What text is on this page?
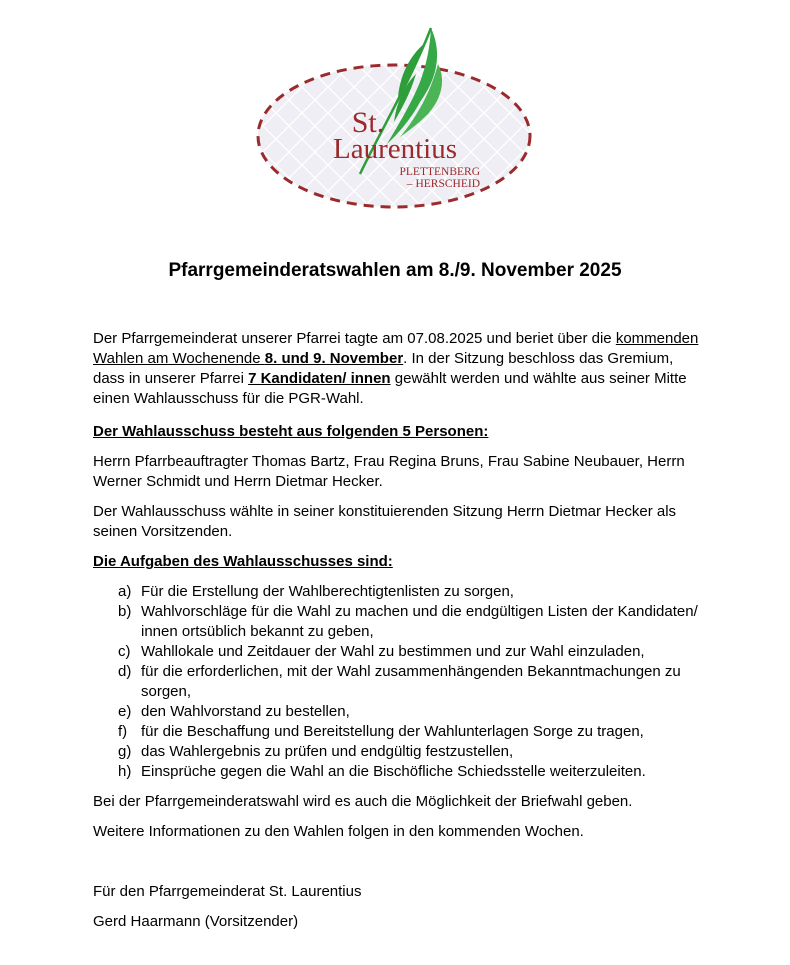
St.
Laurentius
PLETTENBERG
– HERSCHEID
Pfarrgemeinderatswahlen am 8./9. November 2025

Der Pfarrgemeinderat unserer Pfarrei tagte am 07.08.2025 und beriet über die kommenden Wahlen am Wochenende 8. und 9. November. In der Sitzung beschloss das Gremium, dass in unserer Pfarrei 7 Kandidaten/ innen gewählt werden und wählte aus seiner Mitte einen Wahlausschuss für die PGR-Wahl.

Der Wahlausschuss besteht aus folgenden 5 Personen:

Herrn Pfarrbeauftragter Thomas Bartz, Frau Regina Bruns, Frau Sabine Neubauer, Herrn Werner Schmidt und Herrn Dietmar Hecker.

Der Wahlausschuss wählte in seiner konstituierenden Sitzung Herrn Dietmar Hecker als seinen Vorsitzenden.

Die Aufgaben des Wahlausschusses sind:

a) Für die Erstellung der Wahlberechtigtenlisten zu sorgen,
b) Wahlvorschläge für die Wahl zu machen und die endgültigen Listen der Kandidaten/ innen ortsüblich bekannt zu geben,
c) Wahllokale und Zeitdauer der Wahl zu bestimmen und zur Wahl einzuladen,
d) für die erforderlichen, mit der Wahl zusammenhängenden Bekanntmachungen zu sorgen,
e) den Wahlvorstand zu bestellen,
f) für die Beschaffung und Bereitstellung der Wahlunterlagen Sorge zu tragen,
g) das Wahlergebnis zu prüfen und endgültig festzustellen,
h) Einsprüche gegen die Wahl an die Bischöfliche Schiedsstelle weiterzuleiten.

Bei der Pfarrgemeinderatswahl wird es auch die Möglichkeit der Briefwahl geben.

Weitere Informationen zu den Wahlen folgen in den kommenden Wochen.

Für den Pfarrgemeinderat St. Laurentius

Gerd Haarmann (Vorsitzender)
